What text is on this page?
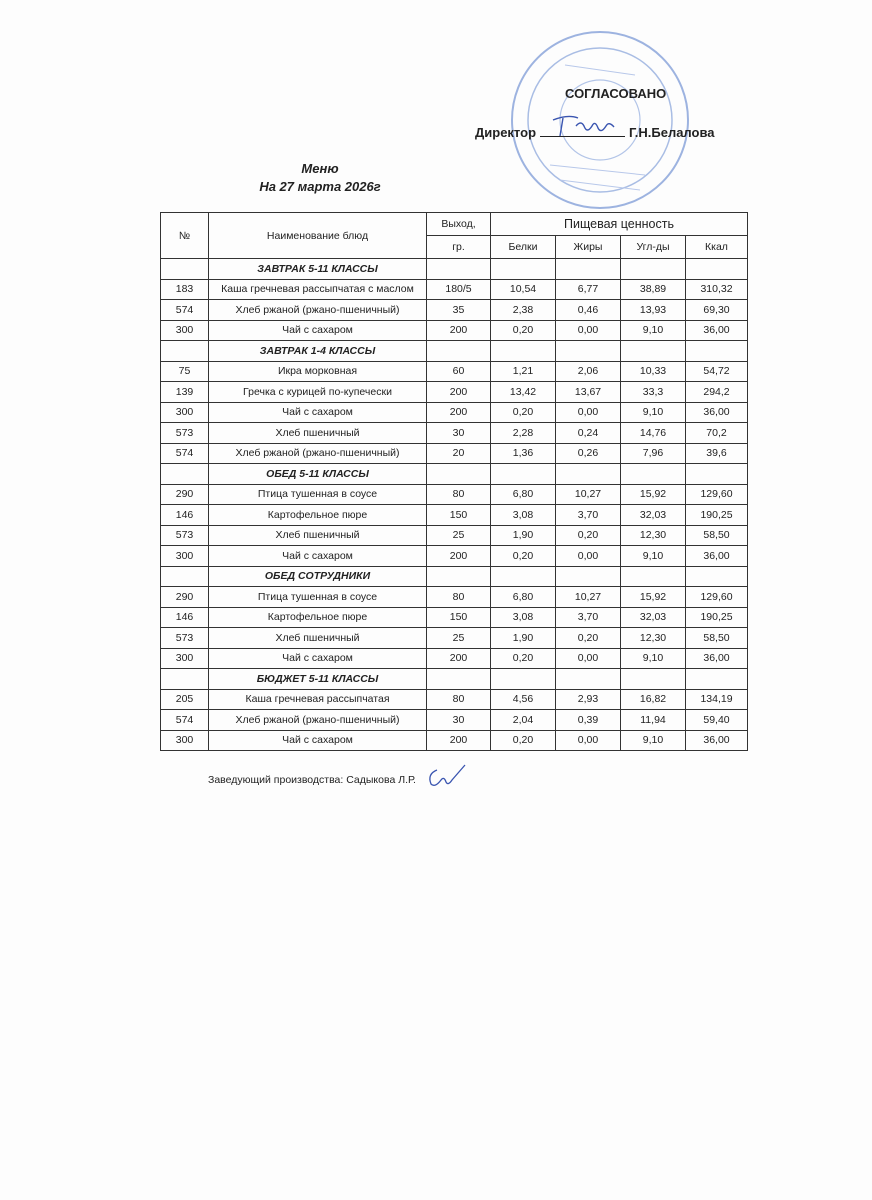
СОГЛАСОВАНО
Директор	Г.Н.Белалова
Меню
На 27 марта 2026г
№	Наименование блюд	Выход,	Пищевая ценность			
		гр.	Белки	Жиры	Угл-ды	Ккал
	ЗАВТРАК 5-11 КЛАССЫ					
183	Каша гречневая рассыпчатая с маслом	180/5	10,54	6,77	38,89	310,32
574	Хлеб ржаной (ржано-пшеничный)	35	2,38	0,46	13,93	69,30
300	Чай с сахаром	200	0,20	0,00	9,10	36,00
	ЗАВТРАК 1-4 КЛАССЫ					
75	Икра морковная	60	1,21	2,06	10,33	54,72
139	Гречка с курицей по-купечески	200	13,42	13,67	33,3	294,2
300	Чай с сахаром	200	0,20	0,00	9,10	36,00
573	Хлеб пшеничный	30	2,28	0,24	14,76	70,2
574	Хлеб ржаной (ржано-пшеничный)	20	1,36	0,26	7,96	39,6
	ОБЕД 5-11 КЛАССЫ					
290	Птица тушенная в соусе	80	6,80	10,27	15,92	129,60
146	Картофельное пюре	150	3,08	3,70	32,03	190,25
573	Хлеб пшеничный	25	1,90	0,20	12,30	58,50
300	Чай с сахаром	200	0,20	0,00	9,10	36,00
	ОБЕД СОТРУДНИКИ					
290	Птица тушенная в соусе	80	6,80	10,27	15,92	129,60
146	Картофельное пюре	150	3,08	3,70	32,03	190,25
573	Хлеб пшеничный	25	1,90	0,20	12,30	58,50
300	Чай с сахаром	200	0,20	0,00	9,10	36,00
	БЮДЖЕТ 5-11 КЛАССЫ					
205	Каша гречневая рассыпчатая	80	4,56	2,93	16,82	134,19
574	Хлеб ржаной (ржано-пшеничный)	30	2,04	0,39	11,94	59,40
300	Чай с сахаром	200	0,20	0,00	9,10	36,00
Заведующий производства: Садыкова Л.Р.
